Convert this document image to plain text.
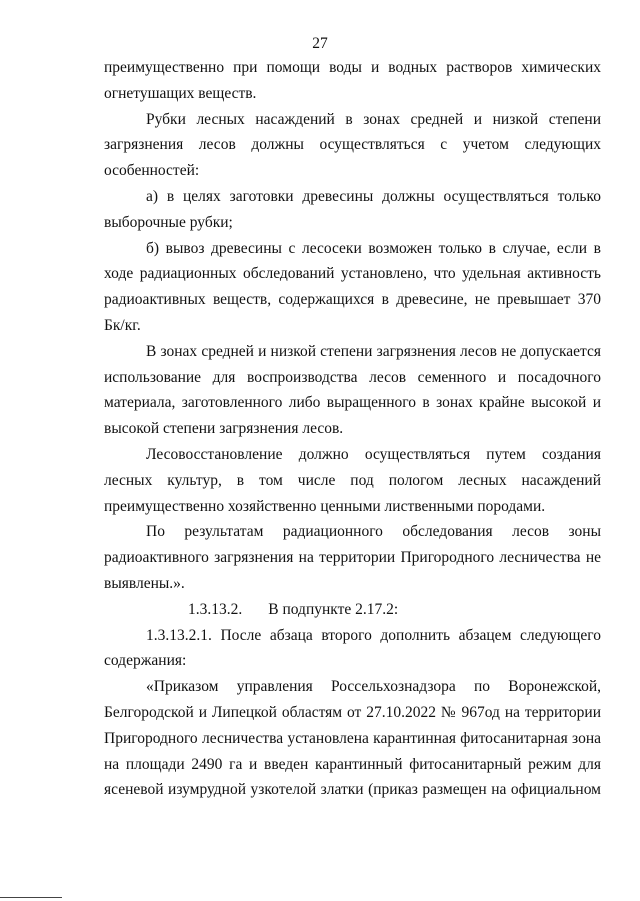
27

преимущественно при помощи воды и водных растворов химических огнетушащих веществ.

Рубки лесных насаждений в зонах средней и низкой степени загрязнения лесов должны осуществляться с учетом следующих особенностей:

а) в целях заготовки древесины должны осуществляться только выборочные рубки;

б) вывоз древесины с лесосеки возможен только в случае, если в ходе радиационных обследований установлено, что удельная активность радиоактивных веществ, содержащихся в древесине, не превышает 370 Бк/кг.

В зонах средней и низкой степени загрязнения лесов не допускается использование для воспроизводства лесов семенного и посадочного материала, заготовленного либо выращенного в зонах крайне высокой и высокой степени загрязнения лесов.

Лесовосстановление должно осуществляться путем создания лесных культур, в том числе под пологом лесных насаждений преимущественно хозяйственно ценными лиственными породами.

По результатам радиационного обследования лесов зоны радиоактивного загрязнения на территории Пригородного лесничества не выявлены.».

1.3.13.2. В подпункте 2.17.2:

1.3.13.2.1. После абзаца второго дополнить абзацем следующего содержания:

«Приказом управления Россельхознадзора по Воронежской, Белгородской и Липецкой областям от 27.10.2022 № 967од на территории Пригородного лесничества установлена карантинная фитосанитарная зона на площади 2490 га и введен карантинный фитосанитарный режим для ясеневой изумрудной узкотелой златки (приказ размещен на официальном
